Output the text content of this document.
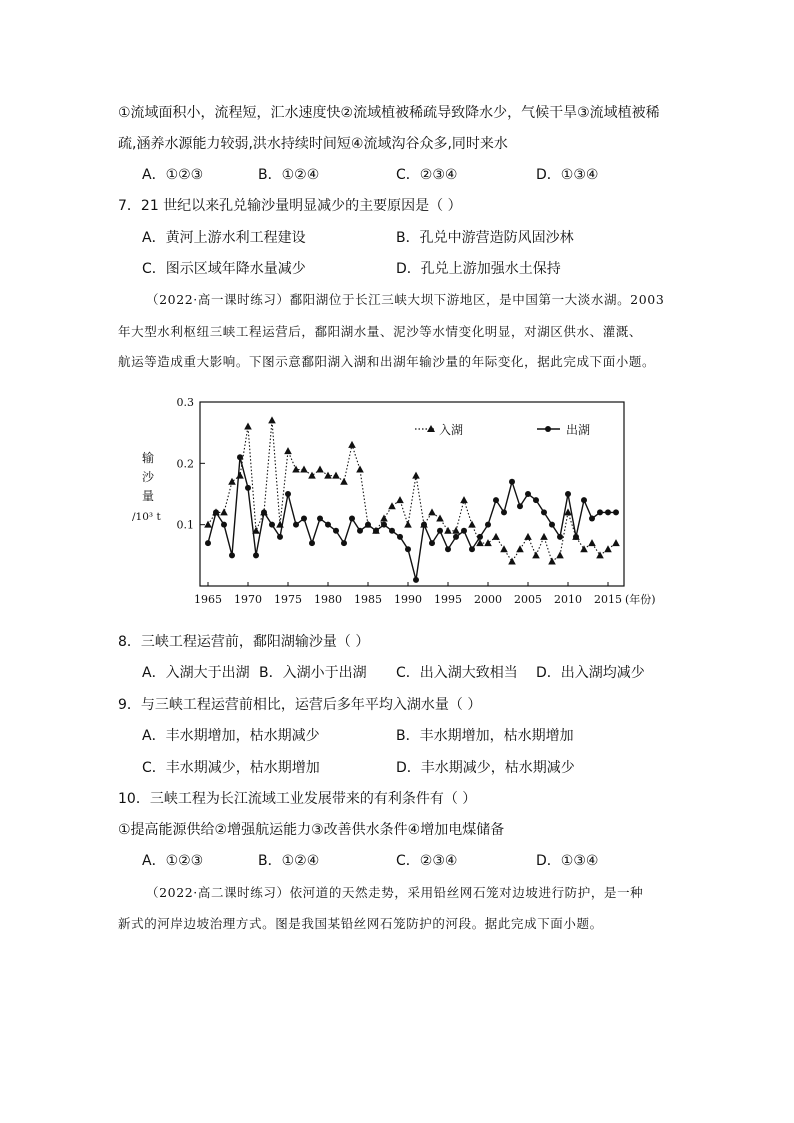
①流域面积小，流程短，汇水速度快②流域植被稀疏导致降水少，气候干旱③流域植被稀
疏,涵养水源能力较弱,洪水持续时间短④流域沟谷众多,同时来水
A．①②③	B．①②④	C．②③④	D．①③④
7．21 世纪以来孔兑输沙量明显减少的主要原因是（ ）
A．黄河上游水利工程建设	B．孔兑中游营造防风固沙林
C．图示区域年降水量减少	D．孔兑上游加强水土保持
（2022·高一课时练习）鄱阳湖位于长江三峡大坝下游地区，是中国第一大淡水湖。2003
年大型水利枢纽三峡工程运营后，鄱阳湖水量、泥沙等水情变化明显，对湖区供水、灌溉、
航运等造成重大影响。下图示意鄱阳湖入湖和出湖年输沙量的年际变化，据此完成下面小题。
输
沙
量
/10³ t
0.1
0.2
0.3
1965 1970 1975 1980 1985 1990 1995 2000 2005 2010 2015
入湖	出湖
(年份)
8．三峡工程运营前，鄱阳湖输沙量（ ）
A．入湖大于出湖 B．入湖小于出湖 C．出入湖大致相当 D．出入湖均减少
9．与三峡工程运营前相比，运营后多年平均入湖水量（ ）
A．丰水期增加，枯水期减少	B．丰水期增加，枯水期增加
C．丰水期减少，枯水期增加	D．丰水期减少，枯水期减少
10．三峡工程为长江流域工业发展带来的有利条件有（ ）
①提高能源供给②增强航运能力③改善供水条件④增加电煤储备
A．①②③	B．①②④	C．②③④	D．①③④
（2022·高二课时练习）依河道的天然走势，采用铅丝网石笼对边坡进行防护，是一种
新式的河岸边坡治理方式。图是我国某铅丝网石笼防护的河段。据此完成下面小题。
